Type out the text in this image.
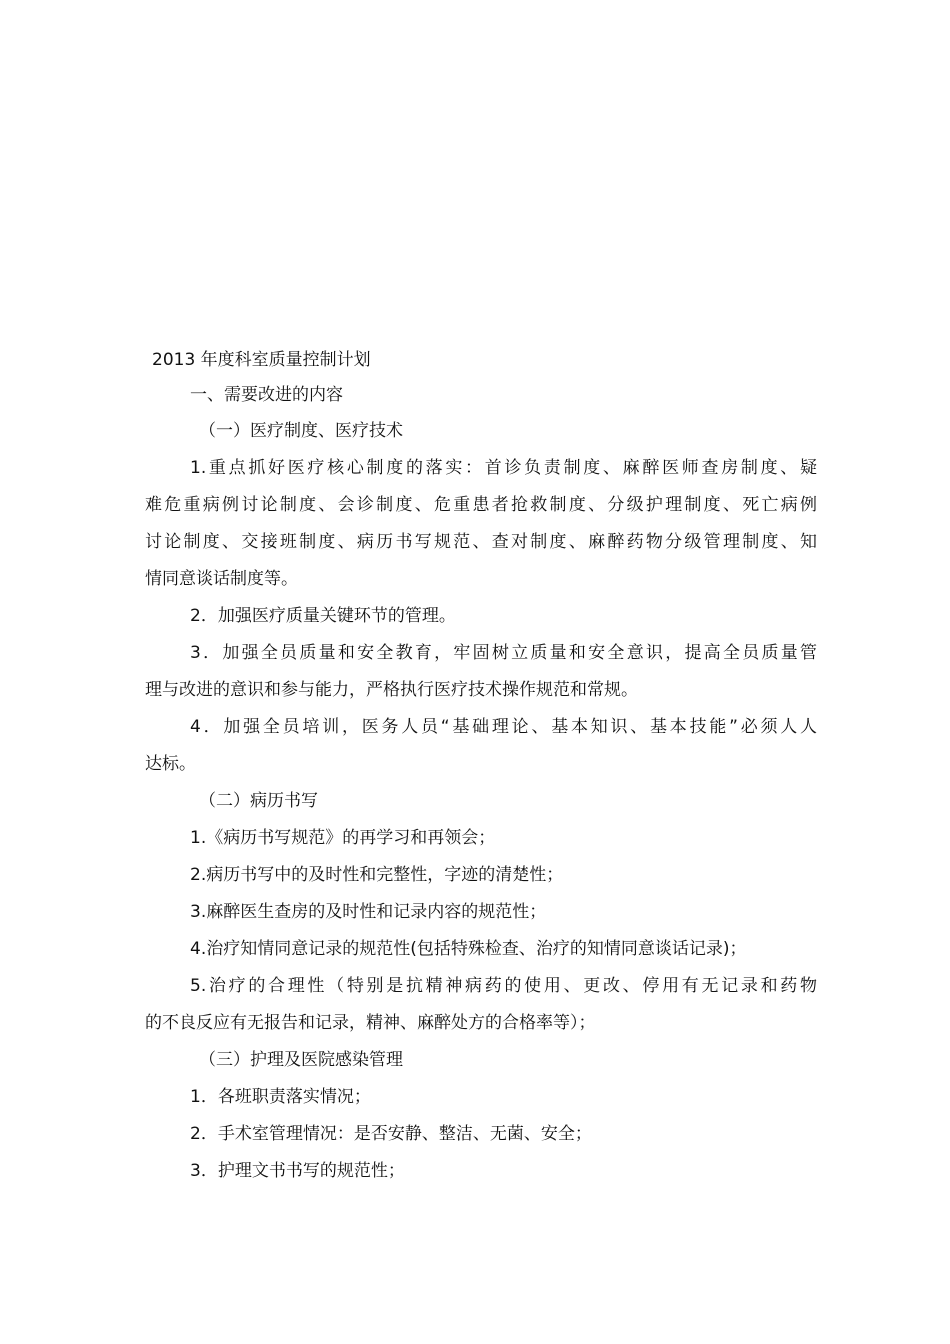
2013 年度科室质量控制计划

一、需要改进的内容

（一）医疗制度、医疗技术

1.重点抓好医疗核心制度的落实：首诊负责制度、麻醉医师查房制度、疑

难危重病例讨论制度、会诊制度、危重患者抢救制度、分级护理制度、死亡病例

讨论制度、交接班制度、病历书写规范、查对制度、麻醉药物分级管理制度、知

情同意谈话制度等。

2．加强医疗质量关键环节的管理。

3．加强全员质量和安全教育，牢固树立质量和安全意识，提高全员质量管

理与改进的意识和参与能力，严格执行医疗技术操作规范和常规。

4．加强全员培训，医务人员“基础理论、基本知识、基本技能”必须人人

达标。

（二）病历书写

1.《病历书写规范》的再学习和再领会；

2.病历书写中的及时性和完整性，字迹的清楚性；

3.麻醉医生查房的及时性和记录内容的规范性；

4.治疗知情同意记录的规范性(包括特殊检查、治疗的知情同意谈话记录)；

5.治疗的合理性（特别是抗精神病药的使用、更改、停用有无记录和药物

的不良反应有无报告和记录，精神、麻醉处方的合格率等）；

（三）护理及医院感染管理

1．各班职责落实情况；

2．手术室管理情况：是否安静、整洁、无菌、安全；

3．护理文书书写的规范性；
